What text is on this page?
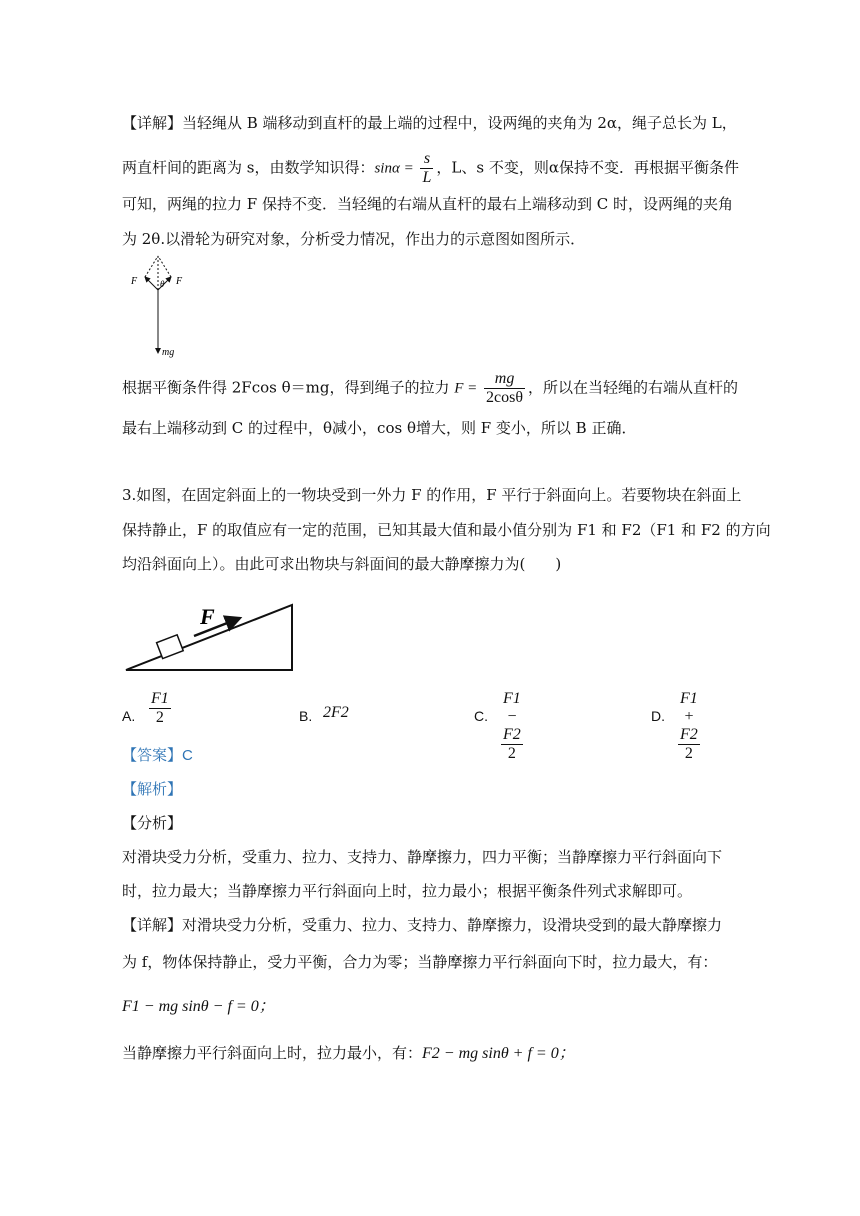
【详解】当轻绳从 B 端移动到直杆的最上端的过程中，设两绳的夹角为 2α，绳子总长为 L，
两直杆间的距离为 s，由数学知识得：$\sin\alpha = \frac{s}{L}$ ，L、s 不变，则α保持不变．再根据平衡条件
可知，两绳的拉力 F 保持不变．当轻绳的右端从直杆的最右上端移动到 C 时，设两绳的夹角
为 2θ.以滑轮为研究对象，分析受力情况，作出力的示意图如图所示．
F	F
θ
mg
根据平衡条件得 2Fcos θ＝mg，得到绳子的拉力 $F = \frac{mg}{2\cos\theta}$ ，所以在当轻绳的右端从直杆的
最右上端移动到 C 的过程中，θ减小，cos θ增大，则 F 变小，所以 B 正确．
3.如图，在固定斜面上的一物块受到一外力 F 的作用，F 平行于斜面向上。若要物块在斜面上
保持静止，F 的取值应有一定的范围，已知其最大值和最小值分别为 F1 和 F2（F1 和 F2 的方向
均沿斜面向上）。由此可求出物块与斜面间的最大静摩擦力为(　　)
F
A. $\frac{F1}{2}$	B. 2F2	C. $\frac{F1 - F2}{2}$	D. $\frac{F1 + F2}{2}$
【答案】C
【解析】
【分析】
对滑块受力分析，受重力、拉力、支持力、静摩擦力，四力平衡；当静摩擦力平行斜面向下
时，拉力最大；当静摩擦力平行斜面向上时，拉力最小；根据平衡条件列式求解即可。
【详解】对滑块受力分析，受重力、拉力、支持力、静摩擦力，设滑块受到的最大静摩擦力
为 f，物体保持静止，受力平衡，合力为零；当静摩擦力平行斜面向下时，拉力最大，有：
F1 − mg sinθ − f = 0；
当静摩擦力平行斜面向上时，拉力最小，有：F2 − mg sinθ + f = 0；
